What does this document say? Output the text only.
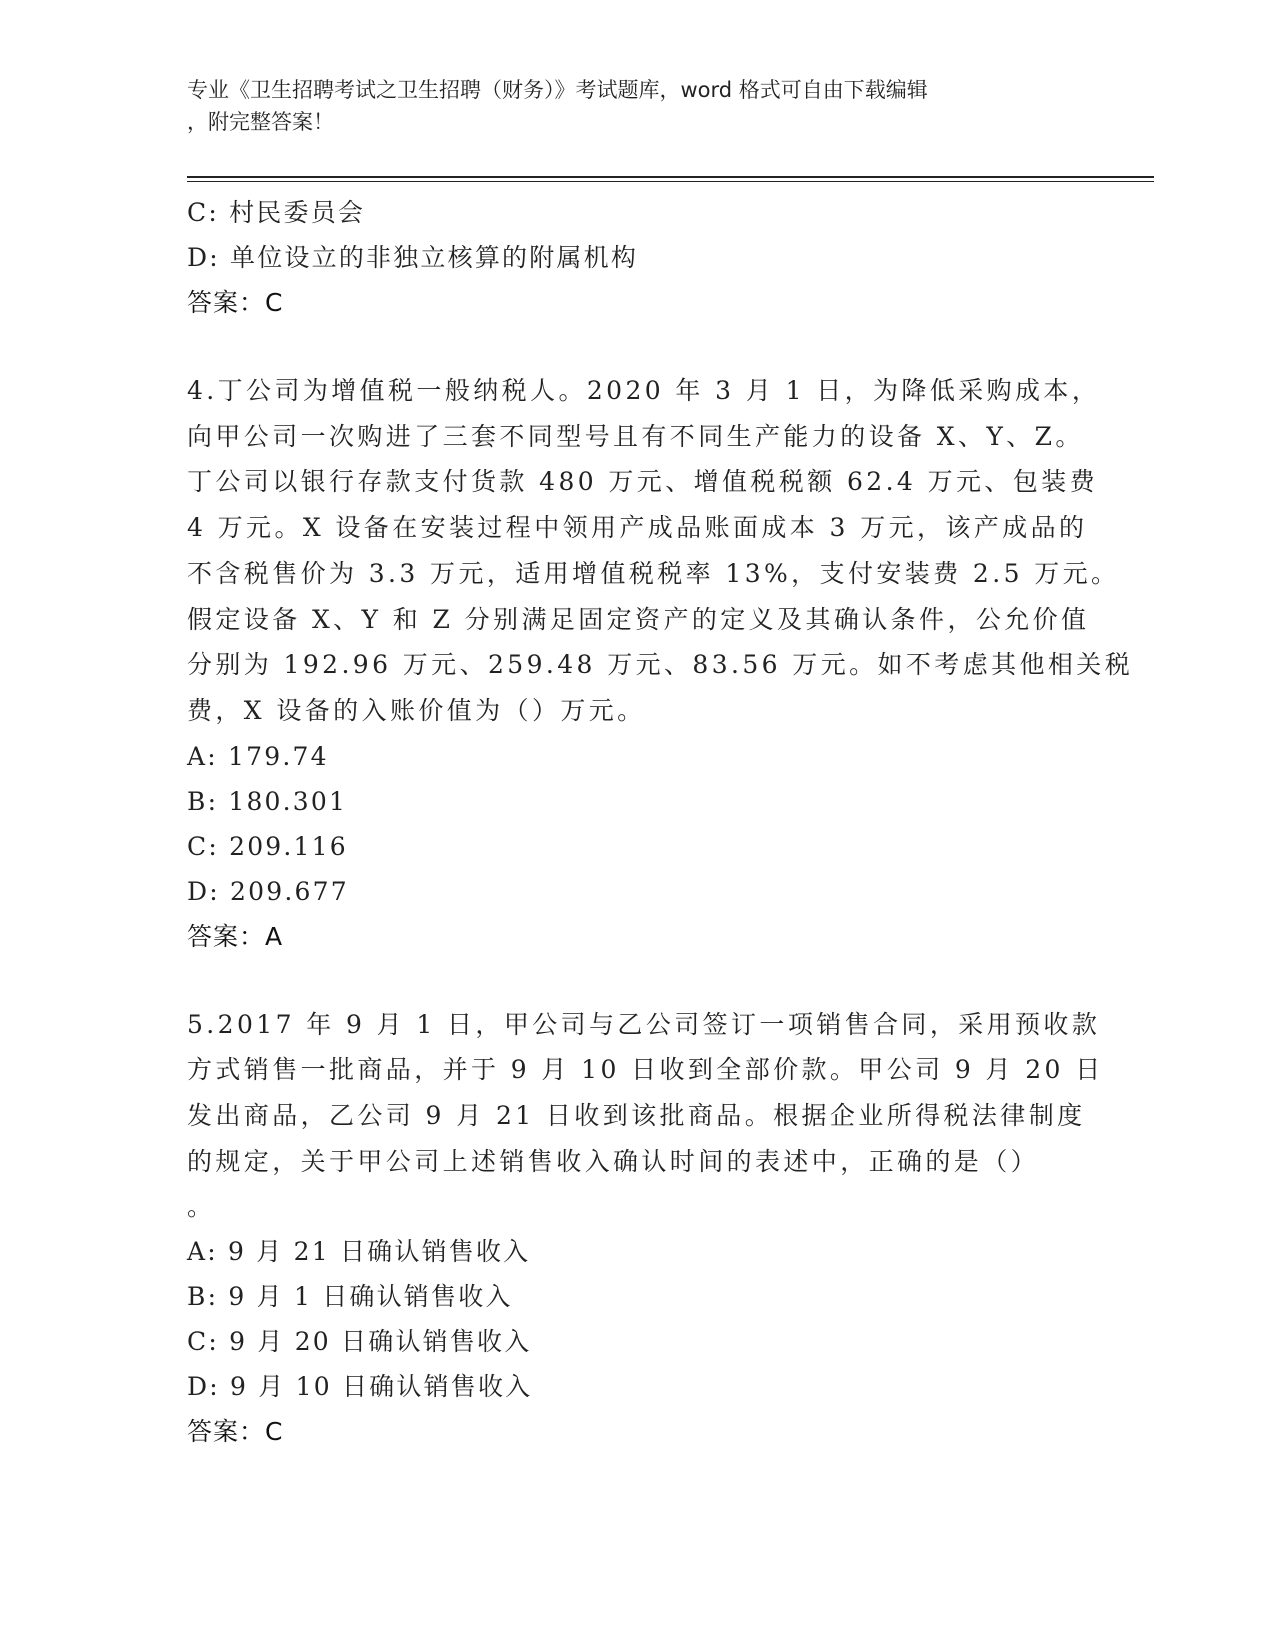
专业《卫生招聘考试之卫生招聘（财务）》考试题库，word 格式可自由下载编辑
，附完整答案！
C: 村民委员会
D: 单位设立的非独立核算的附属机构
答案：C
4.丁公司为增值税一般纳税人。2020 年 3 月 1 日，为降低采购成本，
向甲公司一次购进了三套不同型号且有不同生产能力的设备 X、Y、Z。
丁公司以银行存款支付货款 480 万元、增值税税额 62.4 万元、包装费
4 万元。X 设备在安装过程中领用产成品账面成本 3 万元，该产成品的
不含税售价为 3.3 万元，适用增值税税率 13%，支付安装费 2.5 万元。
假定设备 X、Y 和 Z 分别满足固定资产的定义及其确认条件，公允价值
分别为 192.96 万元、259.48 万元、83.56 万元。如不考虑其他相关税
费，X 设备的入账价值为（）万元。
A: 179.74
B: 180.301
C: 209.116
D: 209.677
答案：A
5.2017 年 9 月 1 日，甲公司与乙公司签订一项销售合同，采用预收款
方式销售一批商品，并于 9 月 10 日收到全部价款。甲公司 9 月 20 日
发出商品，乙公司 9 月 21 日收到该批商品。根据企业所得税法律制度
的规定，关于甲公司上述销售收入确认时间的表述中，正确的是（）
。
A: 9 月 21 日确认销售收入
B: 9 月 1 日确认销售收入
C: 9 月 20 日确认销售收入
D: 9 月 10 日确认销售收入
答案：C
